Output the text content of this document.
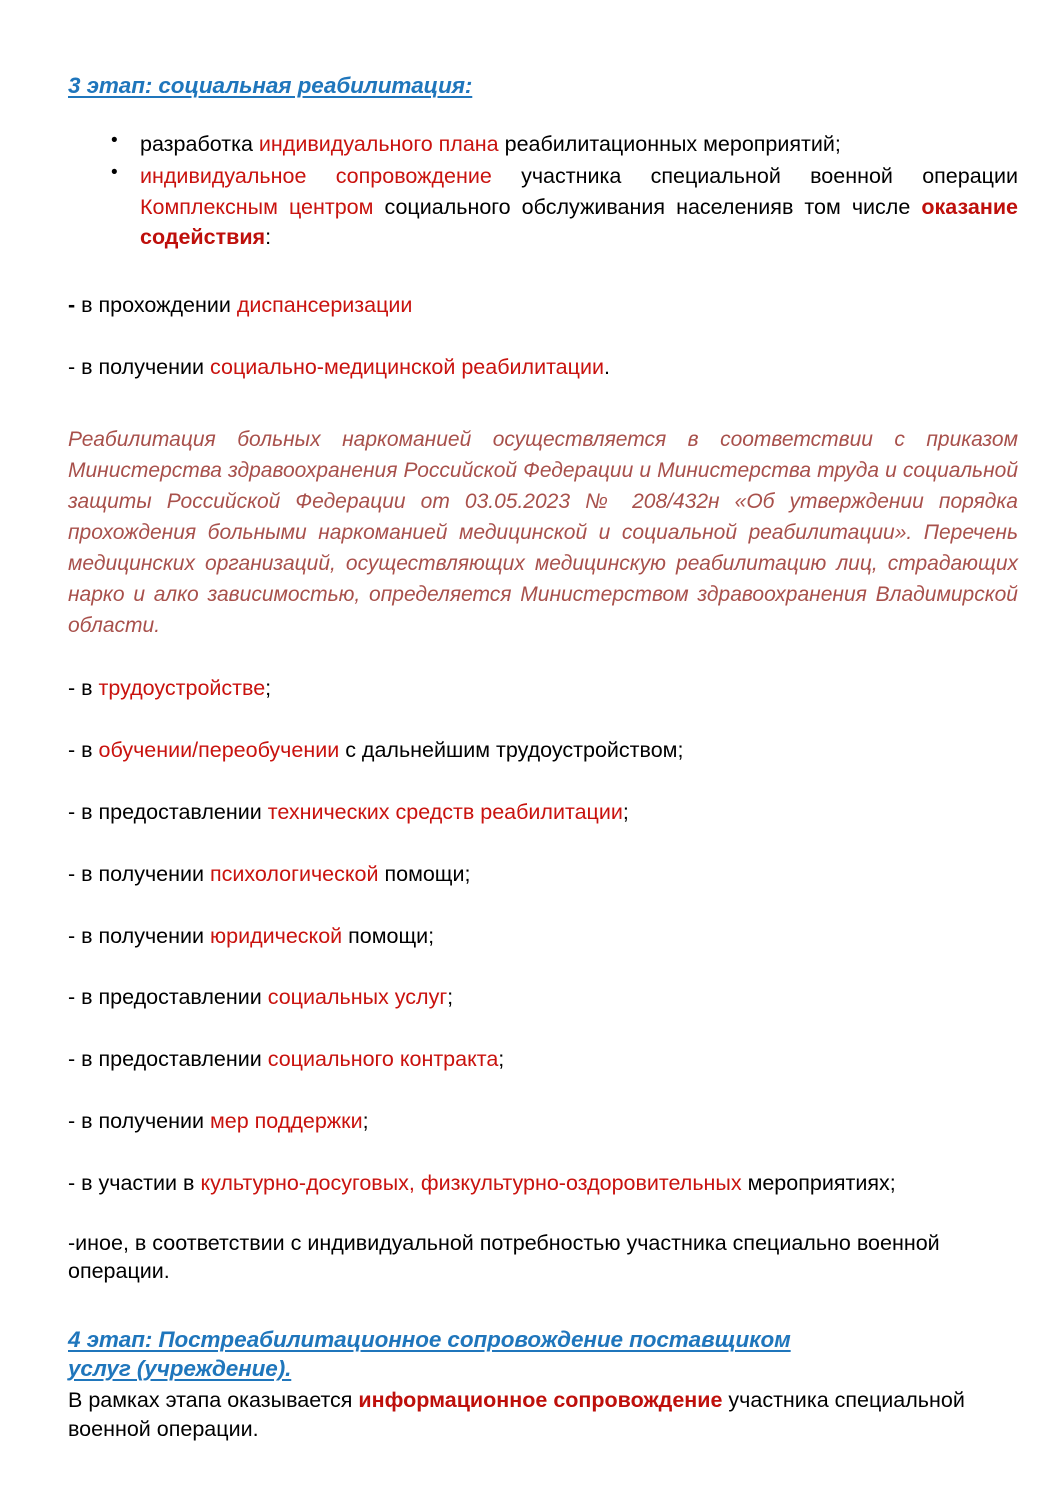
3 этап: социальная реабилитация:
• разработка индивидуального плана реабилитационных мероприятий;
• индивидуальное сопровождение участника специальной военной операции Комплексным центром социального обслуживания населенияв том числе оказание содействия:

- в прохождении диспансеризации

- в получении социально-медицинской реабилитации.

Реабилитация больных наркоманией осуществляется в соответствии с приказом Министерства здравоохранения Российской Федерации и Министерства труда и социальной защиты Российской Федерации от 03.05.2023 № 208/432н «Об утверждении порядка прохождения больными наркоманией медицинской и социальной реабилитации». Перечень медицинских организаций, осуществляющих медицинскую реабилитацию лиц, страдающих нарко и алко зависимостью, определяется Министерством здравоохранения Владимирской области.

- в трудоустройстве;

- в обучении/переобучении с дальнейшим трудоустройством;

- в предоставлении технических средств реабилитации;

- в получении психологической помощи;

- в получении юридической помощи;

- в предоставлении социальных услуг;

- в предоставлении социального контракта;

- в получении мер поддержки;

- в участии в культурно-досуговых, физкультурно-оздоровительных мероприятиях;

-иное, в соответствии с индивидуальной потребностью участника специально военной операции.

4 этап: Постреабилитационное сопровождение поставщиком
услуг (учреждение).

В рамках этапа оказывается информационное сопровождение участника специальной военной операции.
